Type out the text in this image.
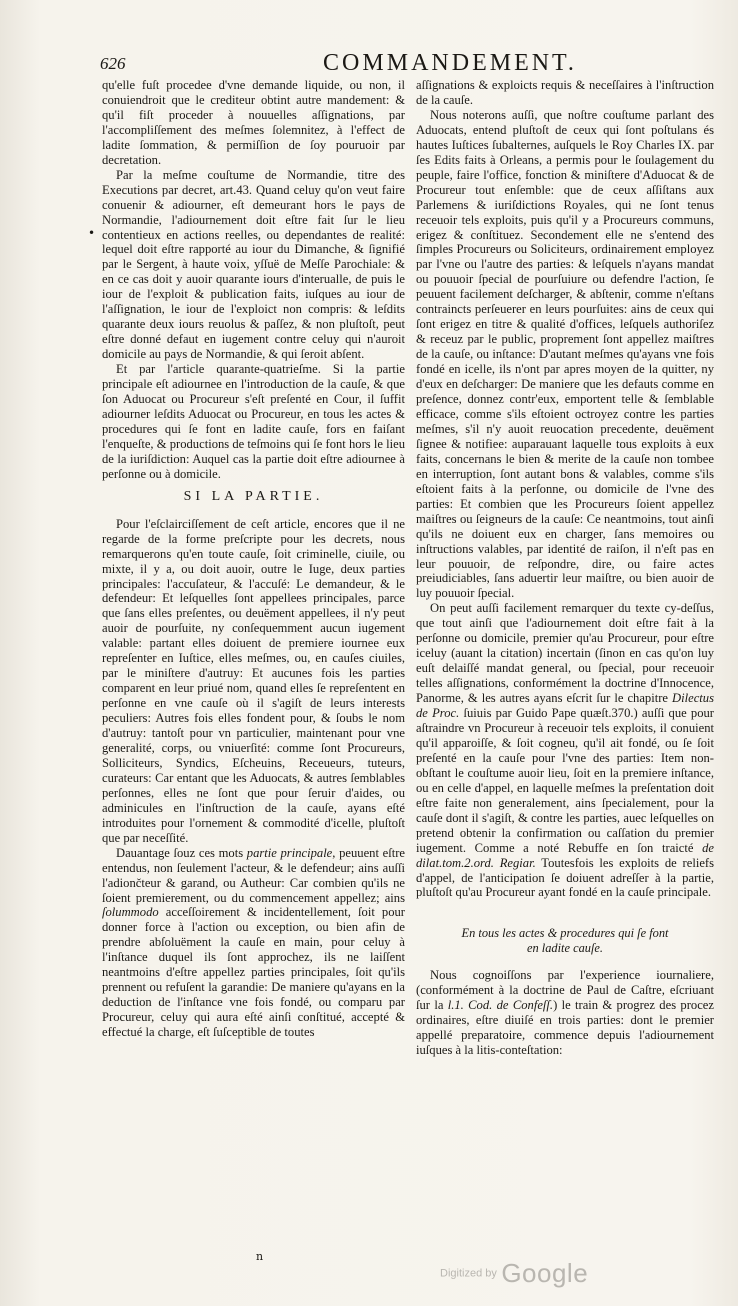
626	COMMANDEMENT.
•

qu'elle fuſt procedee d'vne demande liquide, ou non, il conuiendroit que le crediteur obtint autre mandement: & qu'il fiſt proceder à nouuelles aſſignations, par l'accompliſſement des meſmes ſolemnitez, à l'effect de ladite ſommation, & permiſſion de ſoy pouruoir par decretation.

Par la meſme couſtume de Normandie, titre des Executions par decret, art.43. Quand celuy qu'on veut faire conuenir & adiourner, eſt demeurant hors le pays de Normandie, l'adiournement doit eſtre fait ſur le lieu contentieux en actions reelles, ou dependantes de realité: lequel doit eſtre rapporté au iour du Dimanche, & ſignifié par le Sergent, à haute voix, yſſuë de Meſſe Parochiale: & en ce cas doit y auoir quarante iours d'interualle, de puis le iour de l'exploit & publication faits, iuſques au iour de l'aſſignation, le iour de l'exploict non compris: & leſdits quarante deux iours reuolus & paſſez, & non pluſtoſt, peut eſtre donné defaut en iugement contre celuy qui n'auroit domicile au pays de Normandie, & qui ſeroit abſent.

Et par l'article quarante-quatrieſme. Si la partie principale eſt adiournee en l'introduction de la cauſe, & que ſon Aduocat ou Procureur s'eſt preſenté en Cour, il ſuffit adiourner leſdits Aduocat ou Procureur, en tous les actes & procedures qui ſe font en ladite cauſe, fors en faiſant l'enqueſte, & productions de teſmoins qui ſe font hors le lieu de la iuriſdiction: Auquel cas la partie doit eſtre adiournee à perſonne ou à domicile.

SI LA PARTIE.

Pour l'eſclairciſſement de ceſt article, encores que il ne regarde de la forme preſcripte pour les decrets, nous remarquerons qu'en toute cauſe, ſoit criminelle, ciuile, ou mixte, il y a, ou doit auoir, outre le Iuge, deux parties principales: l'accuſateur, & l'accuſé: Le demandeur, & le defendeur: Et leſquelles ſont appellees principales, parce que ſans elles preſentes, ou deuëment appellees, il n'y peut auoir de pourſuite, ny conſequemment aucun iugement valable: partant elles doiuent de premiere iournee eux repreſenter en Iuſtice, elles meſmes, ou, en cauſes ciuiles, par le miniſtere d'autruy: Et aucunes fois les parties comparent en leur priué nom, quand elles ſe repreſentent en perſonne en vne cauſe où il s'agiſt de leurs interests peculiers: Autres fois elles fondent pour, & ſoubs le nom d'autruy: tantoſt pour vn particulier, maintenant pour vne generalité, corps, ou vniuerſité: comme ſont Procureurs, Solliciteurs, Syndics, Eſcheuins, Receueurs, tuteurs, curateurs: Car entant que les Aduocats, & autres ſemblables perſonnes, elles ne ſont que pour ſeruir d'aides, ou adminicules en l'inſtruction de la cauſe, ayans eſté introduites pour l'ornement & commodité d'icelle, pluſtoſt que par neceſſité.

Dauantage ſouz ces mots partie principale, peuuent eſtre entendus, non ſeulement l'acteur, & le defendeur; ains auſſi l'adiončteur & garand, ou Autheur: Car combien qu'ils ne ſoient premierement, ou du commencement appellez; ains ſolummodo acceſſoirement & incidentellement, ſoit pour donner force à l'action ou exception, ou bien afin de prendre abſoluëment la cauſe en main, pour celuy à l'inſtance duquel ils ſont approchez, ils ne laiſſent neantmoins d'eſtre appellez parties principales, ſoit qu'ils prennent ou refuſent la garandie: De maniere qu'ayans en la deduction de l'inſtance vne fois fondé, ou comparu par Procureur, celuy qui aura eſté ainſi conſtitué, accepté & effectué la charge, eſt ſuſceptible de toutes

aſſignations & exploicts requis & neceſſaires à l'inſtruction de la cauſe.

Nous noterons auſſi, que noſtre couſtume parlant des Aduocats, entend pluſtoſt de ceux qui ſont poſtulans és hautes Iuſtices ſubalternes, auſquels le Roy Charles IX. par ſes Edits faits à Orleans, a permis pour le ſoulagement du peuple, faire l'office, fonction & miniſtere d'Aduocat & de Procureur tout enſemble: que de ceux aſſiſtans aux Parlemens & iuriſdictions Royales, qui ne ſont tenus receuoir tels exploits, puis qu'il y a Procureurs communs, erigez & conſtituez. Secondement elle ne s'entend des ſimples Procureurs ou Soliciteurs, ordinairement employez par l'vne ou l'autre des parties: & leſquels n'ayans mandat ou pouuoir ſpecial de pourſuiure ou defendre l'action, ſe peuuent facilement deſcharger, & abſtenir, comme n'eſtans contraincts perſeuerer en leurs pourſuites: ains de ceux qui ſont erigez en titre & qualité d'offices, leſquels authoriſez & receuz par le public, proprement ſont appellez maiſtres de la cauſe, ou inſtance: D'autant meſmes qu'ayans vne fois fondé en icelle, ils n'ont par apres moyen de la quitter, ny d'eux en deſcharger: De maniere que les defauts comme en preſence, donnez contr'eux, emportent telle & ſemblable efficace, comme s'ils eſtoient octroyez contre les parties meſmes, s'il n'y auoit reuocation precedente, deuëment ſignee & notifiee: auparauant laquelle tous exploits à eux faits, concernans le bien & merite de la cauſe non tombee en interruption, ſont autant bons & valables, comme s'ils eſtoient faits à la perſonne, ou domicile de l'vne des parties: Et combien que les Procureurs ſoient appellez maiſtres ou ſeigneurs de la cauſe: Ce neantmoins, tout ainſi qu'ils ne doiuent eux en charger, ſans memoires ou inſtructions valables, par identité de raiſon, il n'eſt pas en leur pouuoir, de reſpondre, dire, ou faire actes preiudiciables, ſans aduertir leur maiſtre, ou bien auoir de luy pouuoir ſpecial.

On peut auſſi facilement remarquer du texte cy-deſſus, que tout ainſi que l'adiournement doit eſtre fait à la perſonne ou domicile, premier qu'au Procureur, pour eſtre iceluy (auant la citation) incertain (ſinon en cas qu'on luy euſt delaiſſé mandat general, ou ſpecial, pour receuoir telles aſſignations, conformément la doctrine d'Innocence, Panorme, & les autres ayans eſcrit ſur le chapitre Dilectus de Proc. ſuiuis par Guido Pape quæſt.370.) auſſi que pour aſtraindre vn Procureur à receuoir tels exploits, il conuient qu'il apparoiſſe, & ſoit cogneu, qu'il ait fondé, ou ſe ſoit preſenté en la cauſe pour l'vne des parties: Item non-obſtant le couſtume auoir lieu, ſoit en la premiere inſtance, ou en celle d'appel, en laquelle meſmes la preſentation doit eſtre faite non generalement, ains ſpecialement, pour la cauſe dont il s'agiſt, & contre les parties, auec leſquelles on pretend obtenir la confirmation ou caſſation du premier iugement. Comme a noté Rebuffe en ſon traicté de dilat.tom.2.ord. Regiar. Toutesfois les exploits de reliefs d'appel, de l'anticipation ſe doiuent adreſſer à la partie, pluſtoſt qu'au Procureur ayant fondé en la cauſe principale.

En tous les actes & procedures qui ſe font
en ladite cauſe.

Nous cognoiſſons par l'experience iournaliere, (conformément à la doctrine de Paul de Caſtre, eſcriuant ſur la l.1. Cod. de Confeſſ.) le train & progrez des procez ordinaires, eſtre diuiſé en trois parties: dont le premier appellé preparatoire, commence depuis l'adiournement iuſques à la litis-conteſtation:

n
Digitized by Google
